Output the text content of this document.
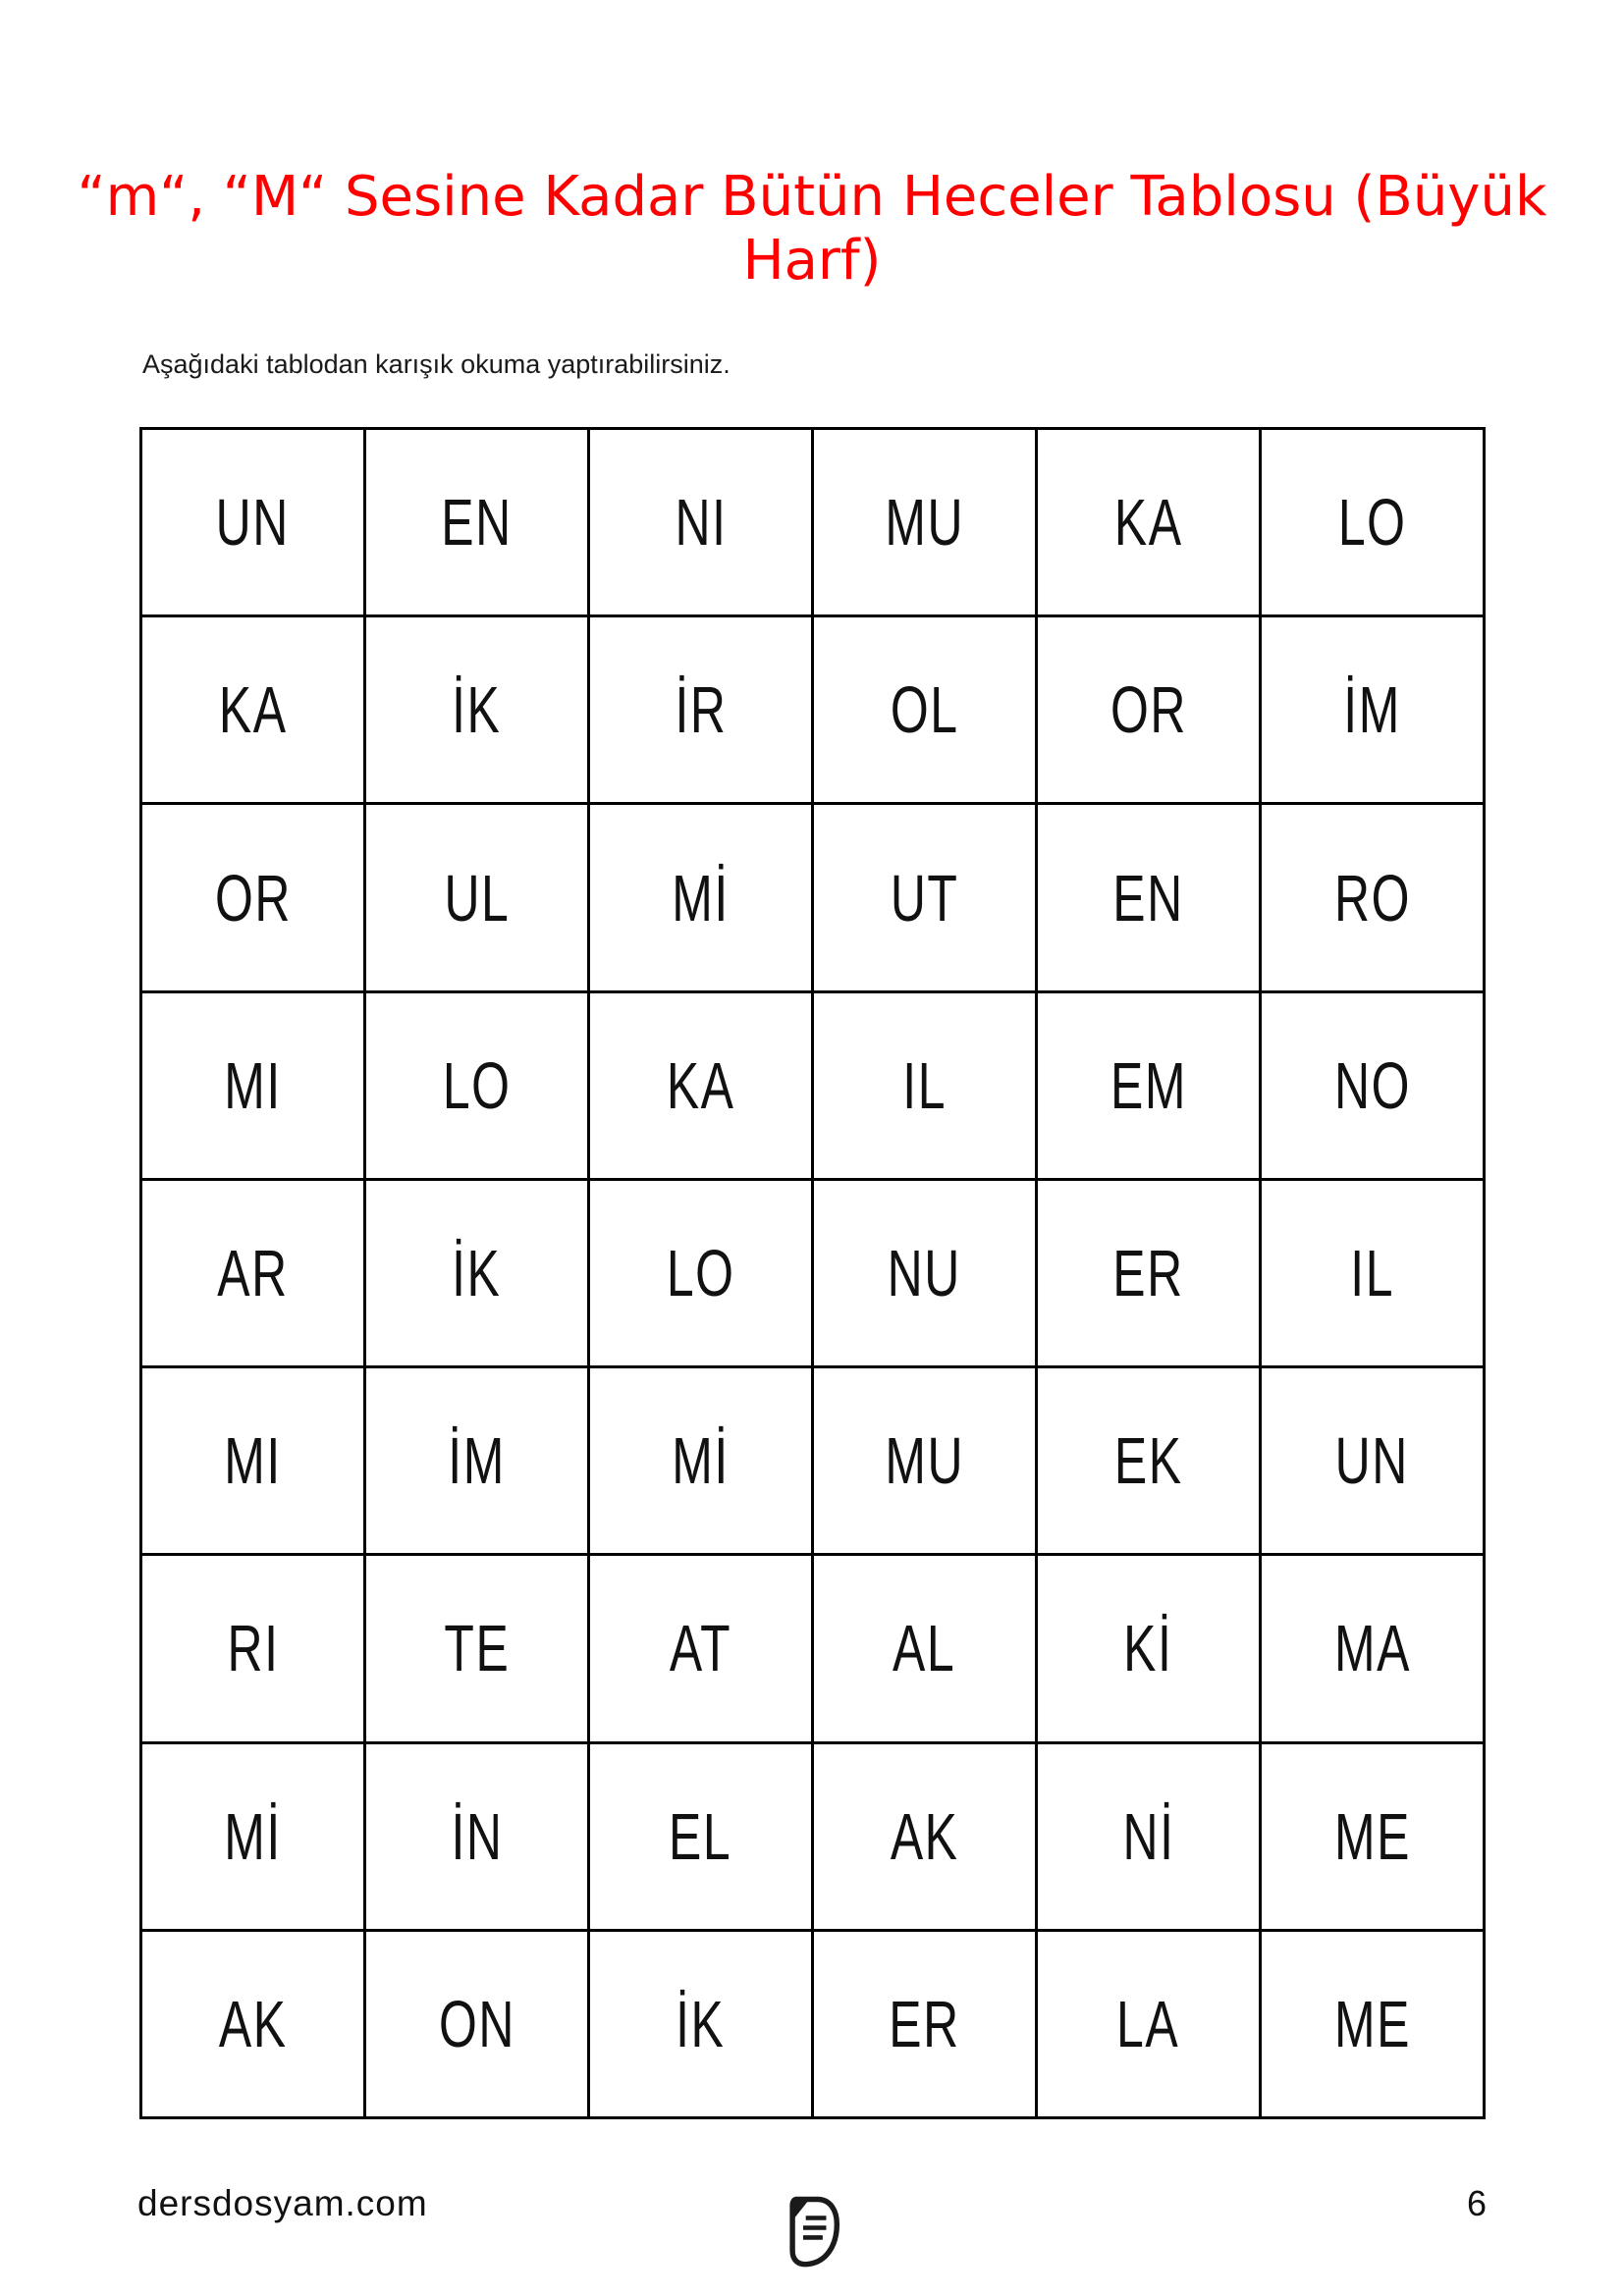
“m“, “M“ Sesine Kadar Bütün Heceler Tablosu (Büyük Harf)

Aşağıdaki tablodan karışık okuma yaptırabilirsiniz.

UN	EN	NI	MU	KA	LO
KA	İK	İR	OL	OR	İM
OR	UL	Mİ	UT	EN	RO
MI	LO	KA	IL	EM	NO
AR	İK	LO	NU	ER	IL
MI	İM	Mİ	MU	EK	UN
RI	TE	AT	AL	Kİ	MA
Mİ	İN	EL	AK	Nİ	ME
AK	ON	İK	ER	LA	ME
dersdosyam.com	6
